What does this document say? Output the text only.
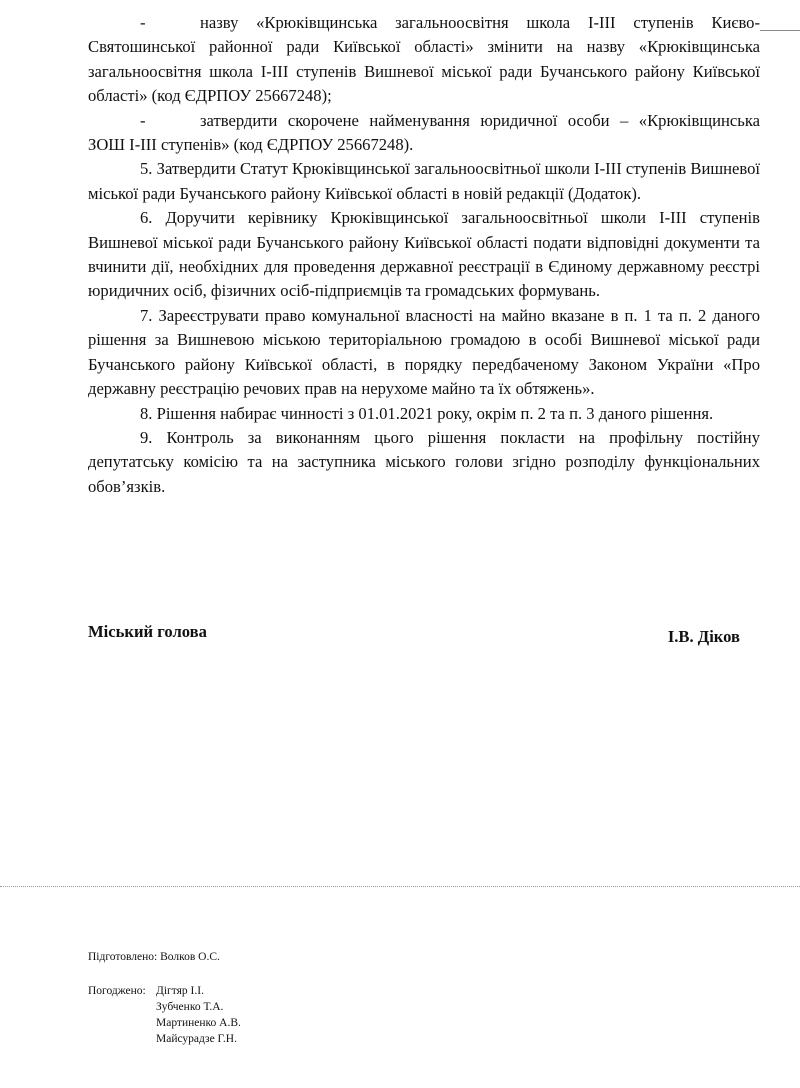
-	назву «Крюківщинська загальноосвітня школа І-ІІІ ступенів Києво-Святошинської районної ради Київської області» змінити на назву «Крюківщинська загальноосвітня школа І-ІІІ ступенів Вишневої міської ради Бучанського району Київської області» (код ЄДРПОУ 25667248);

-	затвердити скорочене найменування юридичної особи – «Крюківщинська ЗОШ І-ІІІ ступенів» (код ЄДРПОУ 25667248).

5. Затвердити Статут Крюківщинської загальноосвітньої школи І-ІІІ ступенів Вишневої міської ради Бучанського району Київської області в новій редакції (Додаток).

6. Доручити керівнику Крюківщинської загальноосвітньої школи І-ІІІ ступенів Вишневої міської ради Бучанського району Київської області подати відповідні документи та вчинити дії, необхідних для проведення державної реєстрації в Єдиному державному реєстрі юридичних осіб, фізичних осіб-підприємців та громадських формувань.

7. Зареєструвати право комунальної власності на майно вказане в п. 1 та п. 2 даного рішення за Вишневою міською територіальною громадою в особі Вишневої міської ради Бучанського району Київської області, в порядку передбаченому Законом України «Про державну реєстрацію речових прав на нерухоме майно та їх обтяжень».

8. Рішення набирає чинності з 01.01.2021 року, окрім п. 2 та п. 3 даного рішення.

9. Контроль за виконанням цього рішення покласти на профільну постійну депутатську комісію та на заступника міського голови згідно розподілу функціональних обов’язків.

Міський голова	І.В. Діков
Підготовлено: Волков О.С.
Погоджено: Дігтяр І.І.
Зубченко Т.А.
Мартиненко А.В.
Майсурадзе Г.Н.
